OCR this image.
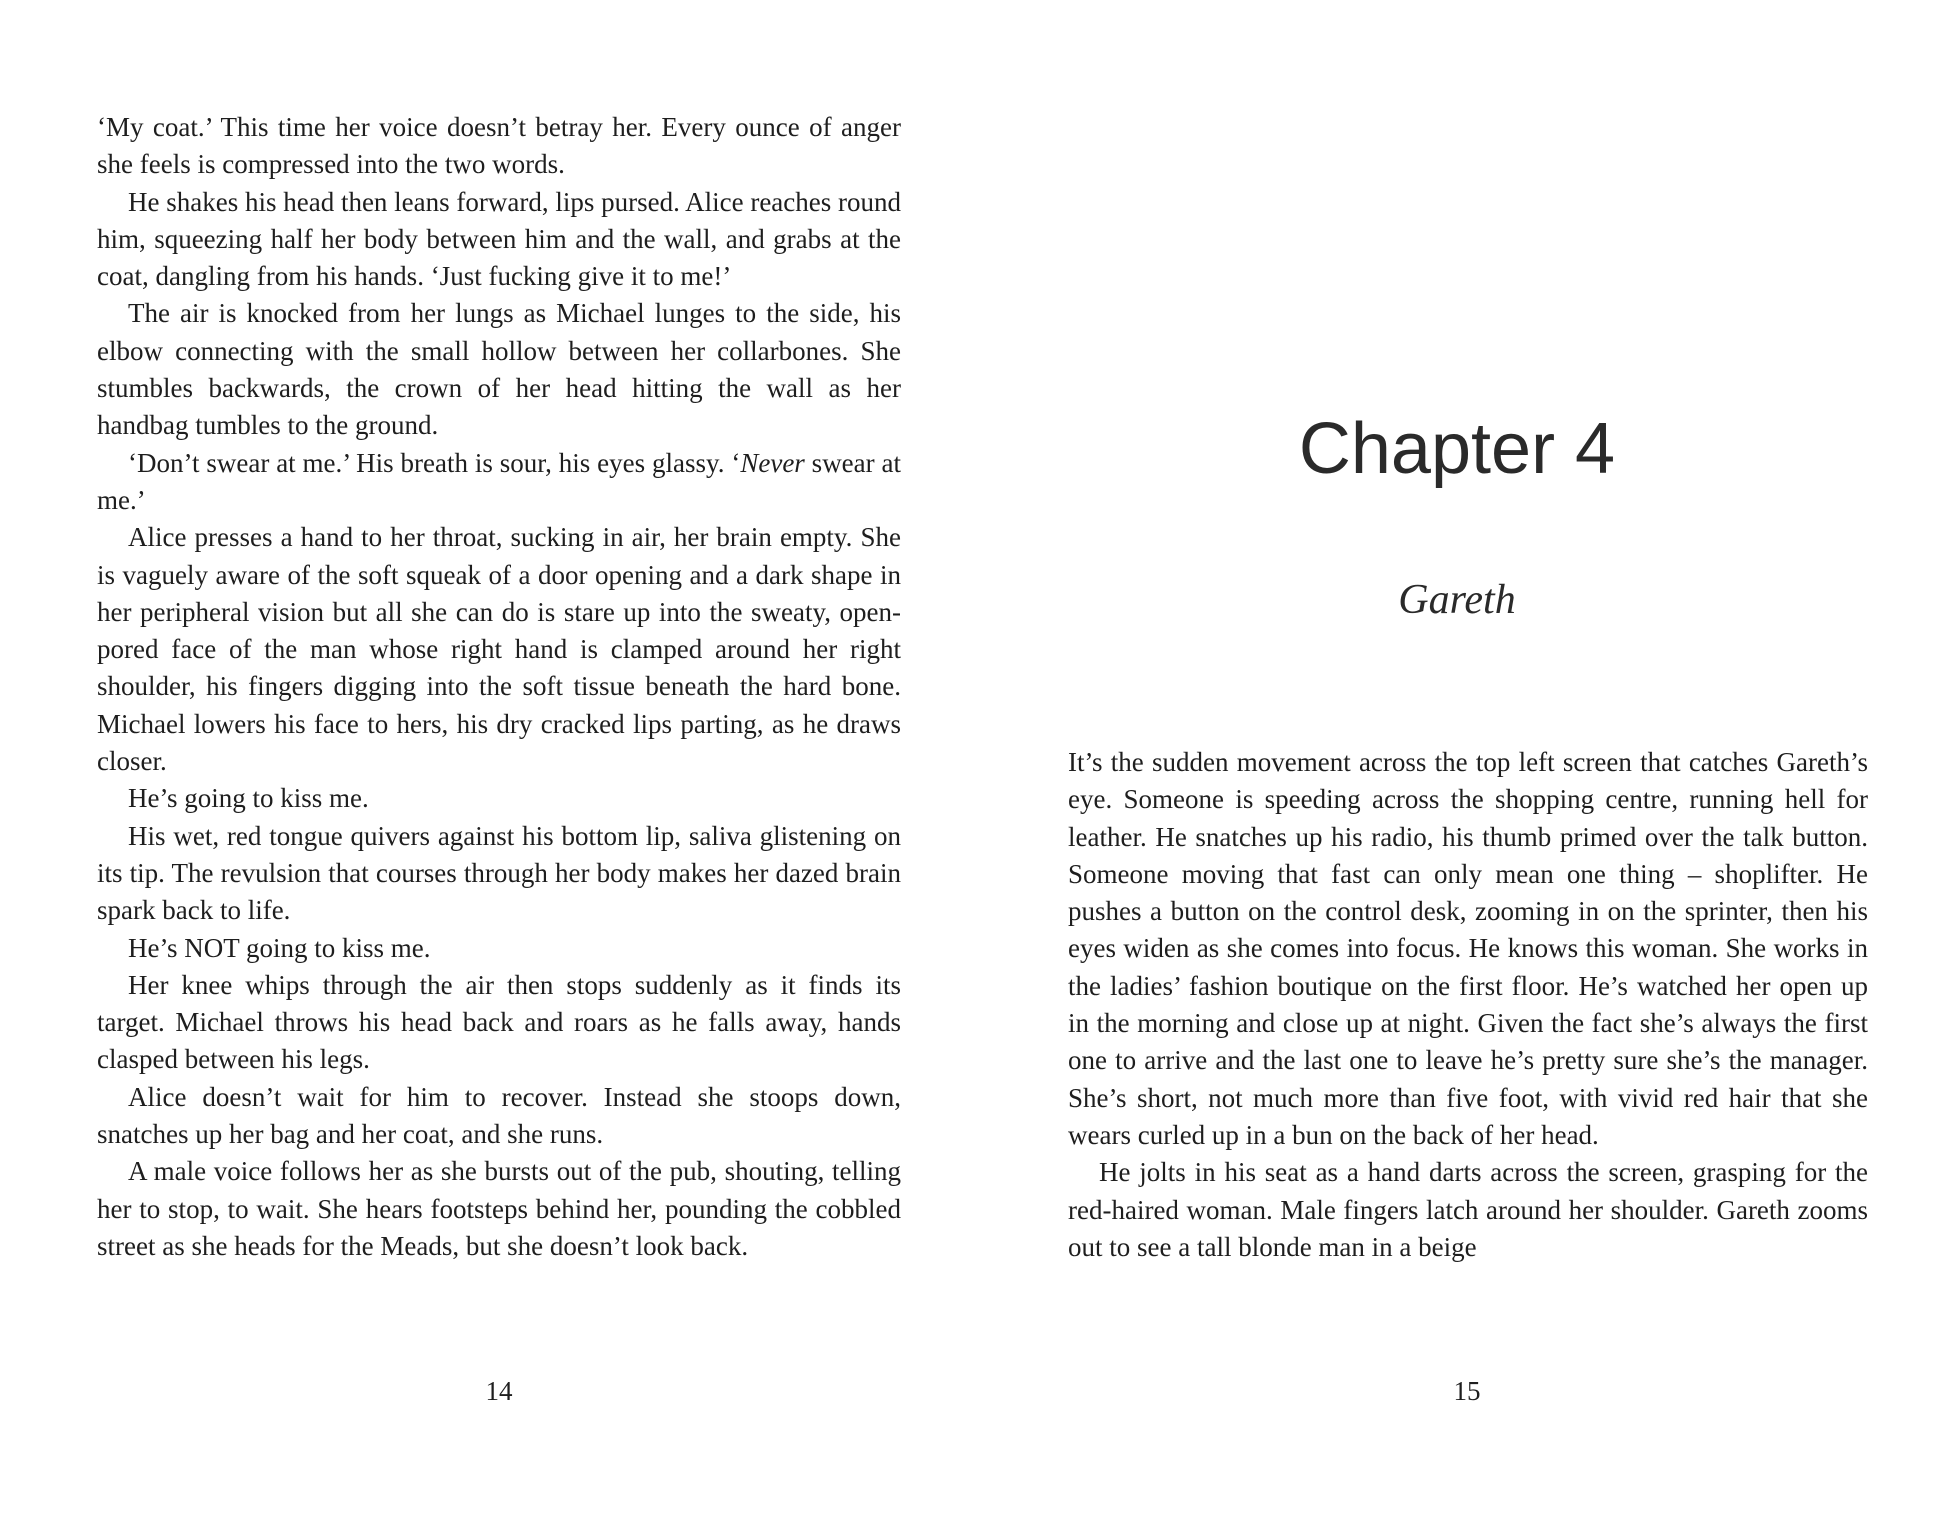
‘My coat.’ This time her voice doesn’t betray her. Every ounce of anger she feels is compressed into the two words.

He shakes his head then leans forward, lips pursed. Alice reaches round him, squeezing half her body between him and the wall, and grabs at the coat, dangling from his hands. ‘Just fucking give it to me!’

The air is knocked from her lungs as Michael lunges to the side, his elbow connecting with the small hollow between her collarbones. She stumbles backwards, the crown of her head hitting the wall as her handbag tumbles to the ground.

‘Don’t swear at me.’ His breath is sour, his eyes glassy. ‘Never swear at me.’

Alice presses a hand to her throat, sucking in air, her brain empty. She is vaguely aware of the soft squeak of a door opening and a dark shape in her peripheral vision but all she can do is stare up into the sweaty, open-pored face of the man whose right hand is clamped around her right shoulder, his fingers digging into the soft tissue beneath the hard bone. Michael lowers his face to hers, his dry cracked lips parting, as he draws closer.

He’s going to kiss me.

His wet, red tongue quivers against his bottom lip, saliva glistening on its tip. The revulsion that courses through her body makes her dazed brain spark back to life.

He’s NOT going to kiss me.

Her knee whips through the air then stops suddenly as it finds its target. Michael throws his head back and roars as he falls away, hands clasped between his legs.

Alice doesn’t wait for him to recover. Instead she stoops down, snatches up her bag and her coat, and she runs.

A male voice follows her as she bursts out of the pub, shouting, telling her to stop, to wait. She hears footsteps behind her, pounding the cobbled street as she heads for the Meads, but she doesn’t look back.

14
Chapter 4
Gareth

It’s the sudden movement across the top left screen that catches Gareth’s eye. Someone is speeding across the shopping centre, running hell for leather. He snatches up his radio, his thumb primed over the talk button. Someone moving that fast can only mean one thing – shoplifter. He pushes a button on the control desk, zooming in on the sprinter, then his eyes widen as she comes into focus. He knows this woman. She works in the ladies’ fashion boutique on the first floor. He’s watched her open up in the morning and close up at night. Given the fact she’s always the first one to arrive and the last one to leave he’s pretty sure she’s the manager. She’s short, not much more than five foot, with vivid red hair that she wears curled up in a bun on the back of her head.

He jolts in his seat as a hand darts across the screen, grasping for the red-haired woman. Male fingers latch around her shoulder. Gareth zooms out to see a tall blonde man in a beige

15
